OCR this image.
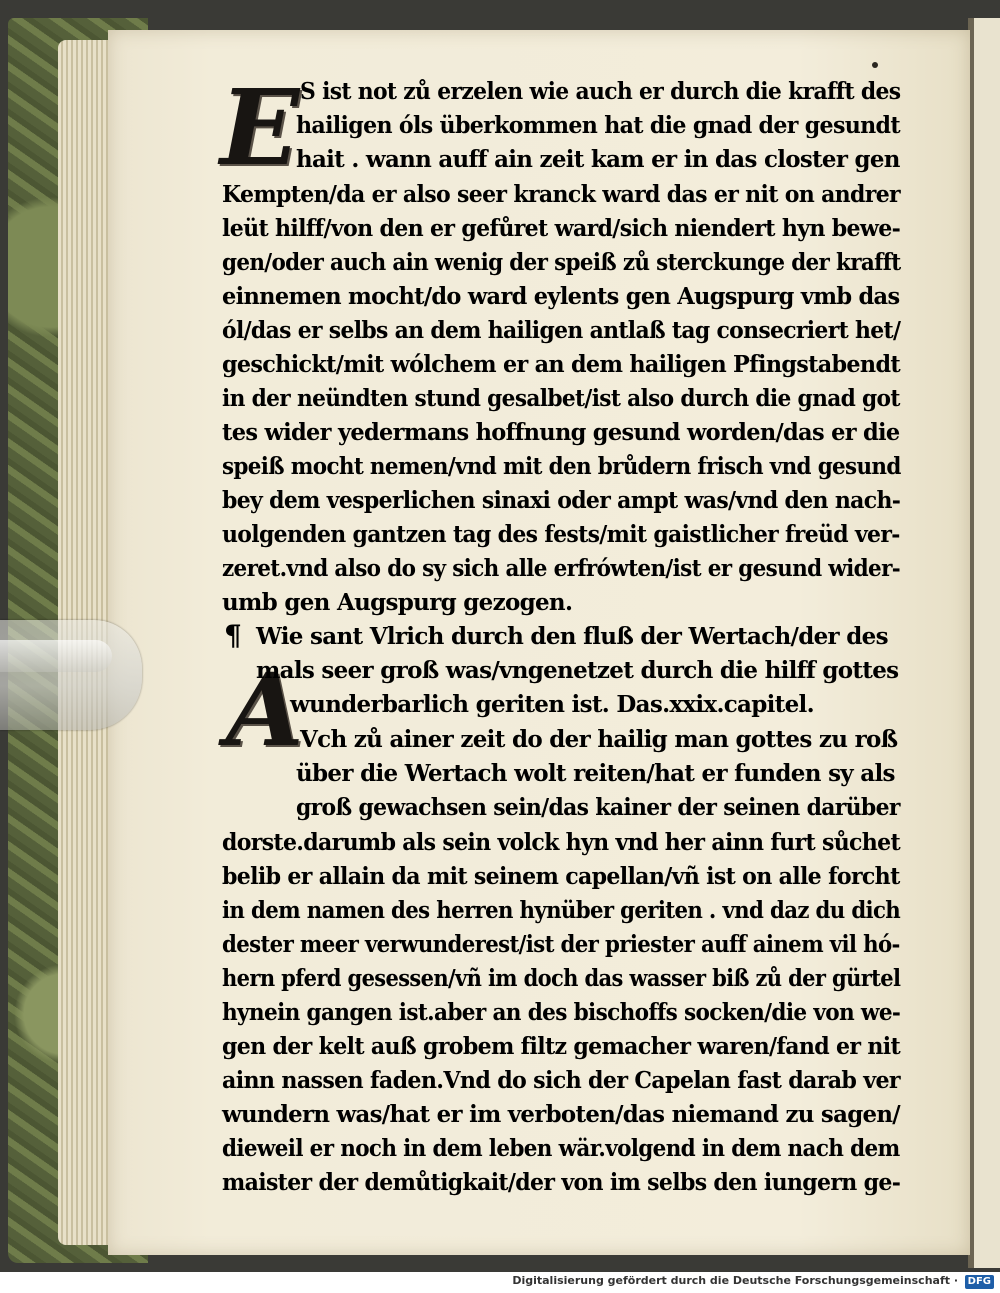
E
A
S ist not zů erzelen wie auch er durch die krafft des
hailigen óls überkommen hat die gnad der gesundt
hait . wann auff ain zeit kam er in das closter gen
Kempten/da er also seer kranck ward das er nit on andrer
leüt hilff/von den er gefůret ward/sich niendert hyn bewe-
gen/oder auch ain wenig der speiß zů sterckunge der krafft
einnemen mocht/do ward eylents gen Augspurg vmb das
ól/das er selbs an dem hailigen antlaß tag consecriert het/
geschickt/mit wólchem er an dem hailigen Pfingstabendt
in der neündten stund gesalbet/ist also durch die gnad got
tes wider yedermans hoffnung gesund worden/das er die
speiß mocht nemen/vnd mit den brůdern frisch vnd gesund
bey dem vesperlichen sinaxi oder ampt was/vnd den nach-
uolgenden gantzen tag des fests/mit gaistlicher freüd ver-
zeret.vnd also do sy sich alle erfrówten/ist er gesund wider-
umb gen Augspurg gezogen.
¶ Wie sant Vlrich durch den fluß der Wertach/der des
mals seer groß was/vngenetzet durch die hilff gottes
wunderbarlich geriten ist. Das.xxix.capitel.
Vch zů ainer zeit do der hailig man gottes zu roß
über die Wertach wolt reiten/hat er funden sy als
groß gewachsen sein/das kainer der seinen darüber
dorste.darumb als sein volck hyn vnd her ainn furt sůchet
belib er allain da mit seinem capellan/vñ ist on alle forcht
in dem namen des herren hynüber geriten . vnd daz du dich
dester meer verwunderest/ist der priester auff ainem vil hó-
hern pferd gesessen/vñ im doch das wasser biß zů der gürtel
hynein gangen ist.aber an des bischoffs socken/die von we-
gen der kelt auß grobem filtz gemacher waren/fand er nit
ainn nassen faden.Vnd do sich der Capelan fast darab ver
wundern was/hat er im verboten/das niemand zu sagen/
dieweil er noch in dem leben wär.volgend in dem nach dem
maister der demůtigkait/der von im selbs den iungern ge-
Digitalisierung gefördert durch die Deutsche Forschungsgemeinschaft · DFG
